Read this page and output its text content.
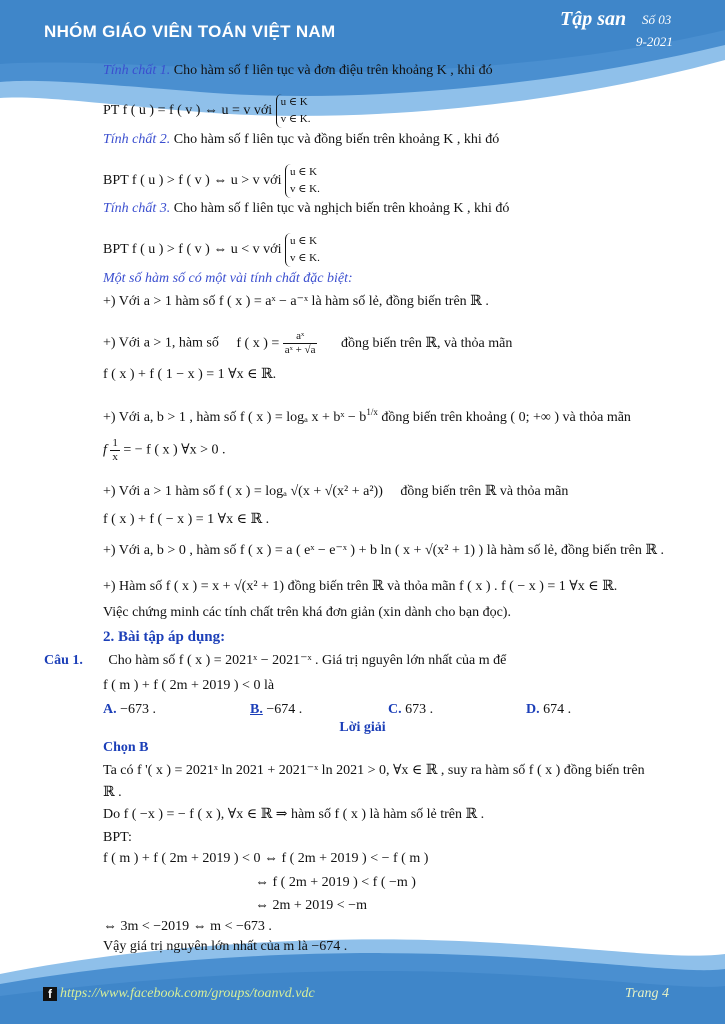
NHÓM GIÁO VIÊN TOÁN VIỆT NAM
Tập san Số 03
9-2021
f https://www.facebook.com/groups/toanvd.vdc	Trang 4
Tính chất 1. Cho hàm số f liên tục và đơn điệu trên khoảng K , khi đó
PT f ( u ) = f ( v ) ⇔ u = v với
u ∈ K
v ∈ K.
Tính chất 2. Cho hàm số f liên tục và đồng biến trên khoảng K , khi đó
BPT f ( u ) > f ( v ) ⇔ u > v với
u ∈ K
v ∈ K.
Tính chất 3. Cho hàm số f liên tục và nghịch biến trên khoảng K , khi đó
BPT f ( u ) > f ( v ) ⇔ u < v với
u ∈ K
v ∈ K.
Một số hàm số có một vài tính chất đặc biệt:
+) Với a > 1 hàm số f ( x ) = aˣ − a⁻ˣ là hàm số lẻ, đồng biến trên ℝ .
+) Với a > 1, hàm số f ( x ) = $\frac{\text{aˣ}}{\text{aˣ + √a}}$ đồng biến trên ℝ, và thỏa mãn
f ( x ) + f ( 1 − x ) = 1 ∀x ∈ ℝ.
+) Với a, b > 1 , hàm số f ( x ) = logₐ x + bˣ − $b^{1/x}$ đồng biến trên khoảng ( 0; +∞ ) và thỏa mãn
f $\frac{1}{x}$ = − f ( x ) ∀x > 0 .
+) Với a > 1 hàm số f ( x ) = logₐ √(x + √(x² + a²)) đồng biến trên ℝ và thỏa mãn
f ( x ) + f ( − x ) = 1 ∀x ∈ ℝ .
+) Với a, b > 0 , hàm số f ( x ) = a ( eˣ − e⁻ˣ ) + b ln ( x + √(x² + 1) ) là hàm số lẻ, đồng biến trên ℝ .
+) Hàm số f ( x ) = x + √(x² + 1) đồng biến trên ℝ và thỏa mãn f ( x ) . f ( − x ) = 1 ∀x ∈ ℝ.
Việc chứng minh các tính chất trên khá đơn giản (xin dành cho bạn đọc).
2. Bài tập áp dụng:
Câu 1. Cho hàm số f ( x ) = 2021ˣ − 2021⁻ˣ . Giá trị nguyên lớn nhất của m để
f ( m ) + f ( 2m + 2019 ) < 0 là
A. −673 .	B. −674 .	C. 673 .	D. 674 .
Lời giải
Chọn B
Ta có f '( x ) = 2021ˣ ln 2021 + 2021⁻ˣ ln 2021 > 0, ∀x ∈ ℝ , suy ra hàm số f ( x ) đồng biến trên
ℝ .
Do f ( −x ) = − f ( x ), ∀x ∈ ℝ ⇒ hàm số f ( x ) là hàm số lẻ trên ℝ .
BPT:
f ( m ) + f ( 2m + 2019 ) < 0 ⇔ f ( 2m + 2019 ) < − f ( m )
⇔ f ( 2m + 2019 ) < f ( −m )
⇔ 2m + 2019 < −m
⇔ 3m < −2019 ⇔ m < −673 .
Vậy giá trị nguyên lớn nhất của m là −674 .
